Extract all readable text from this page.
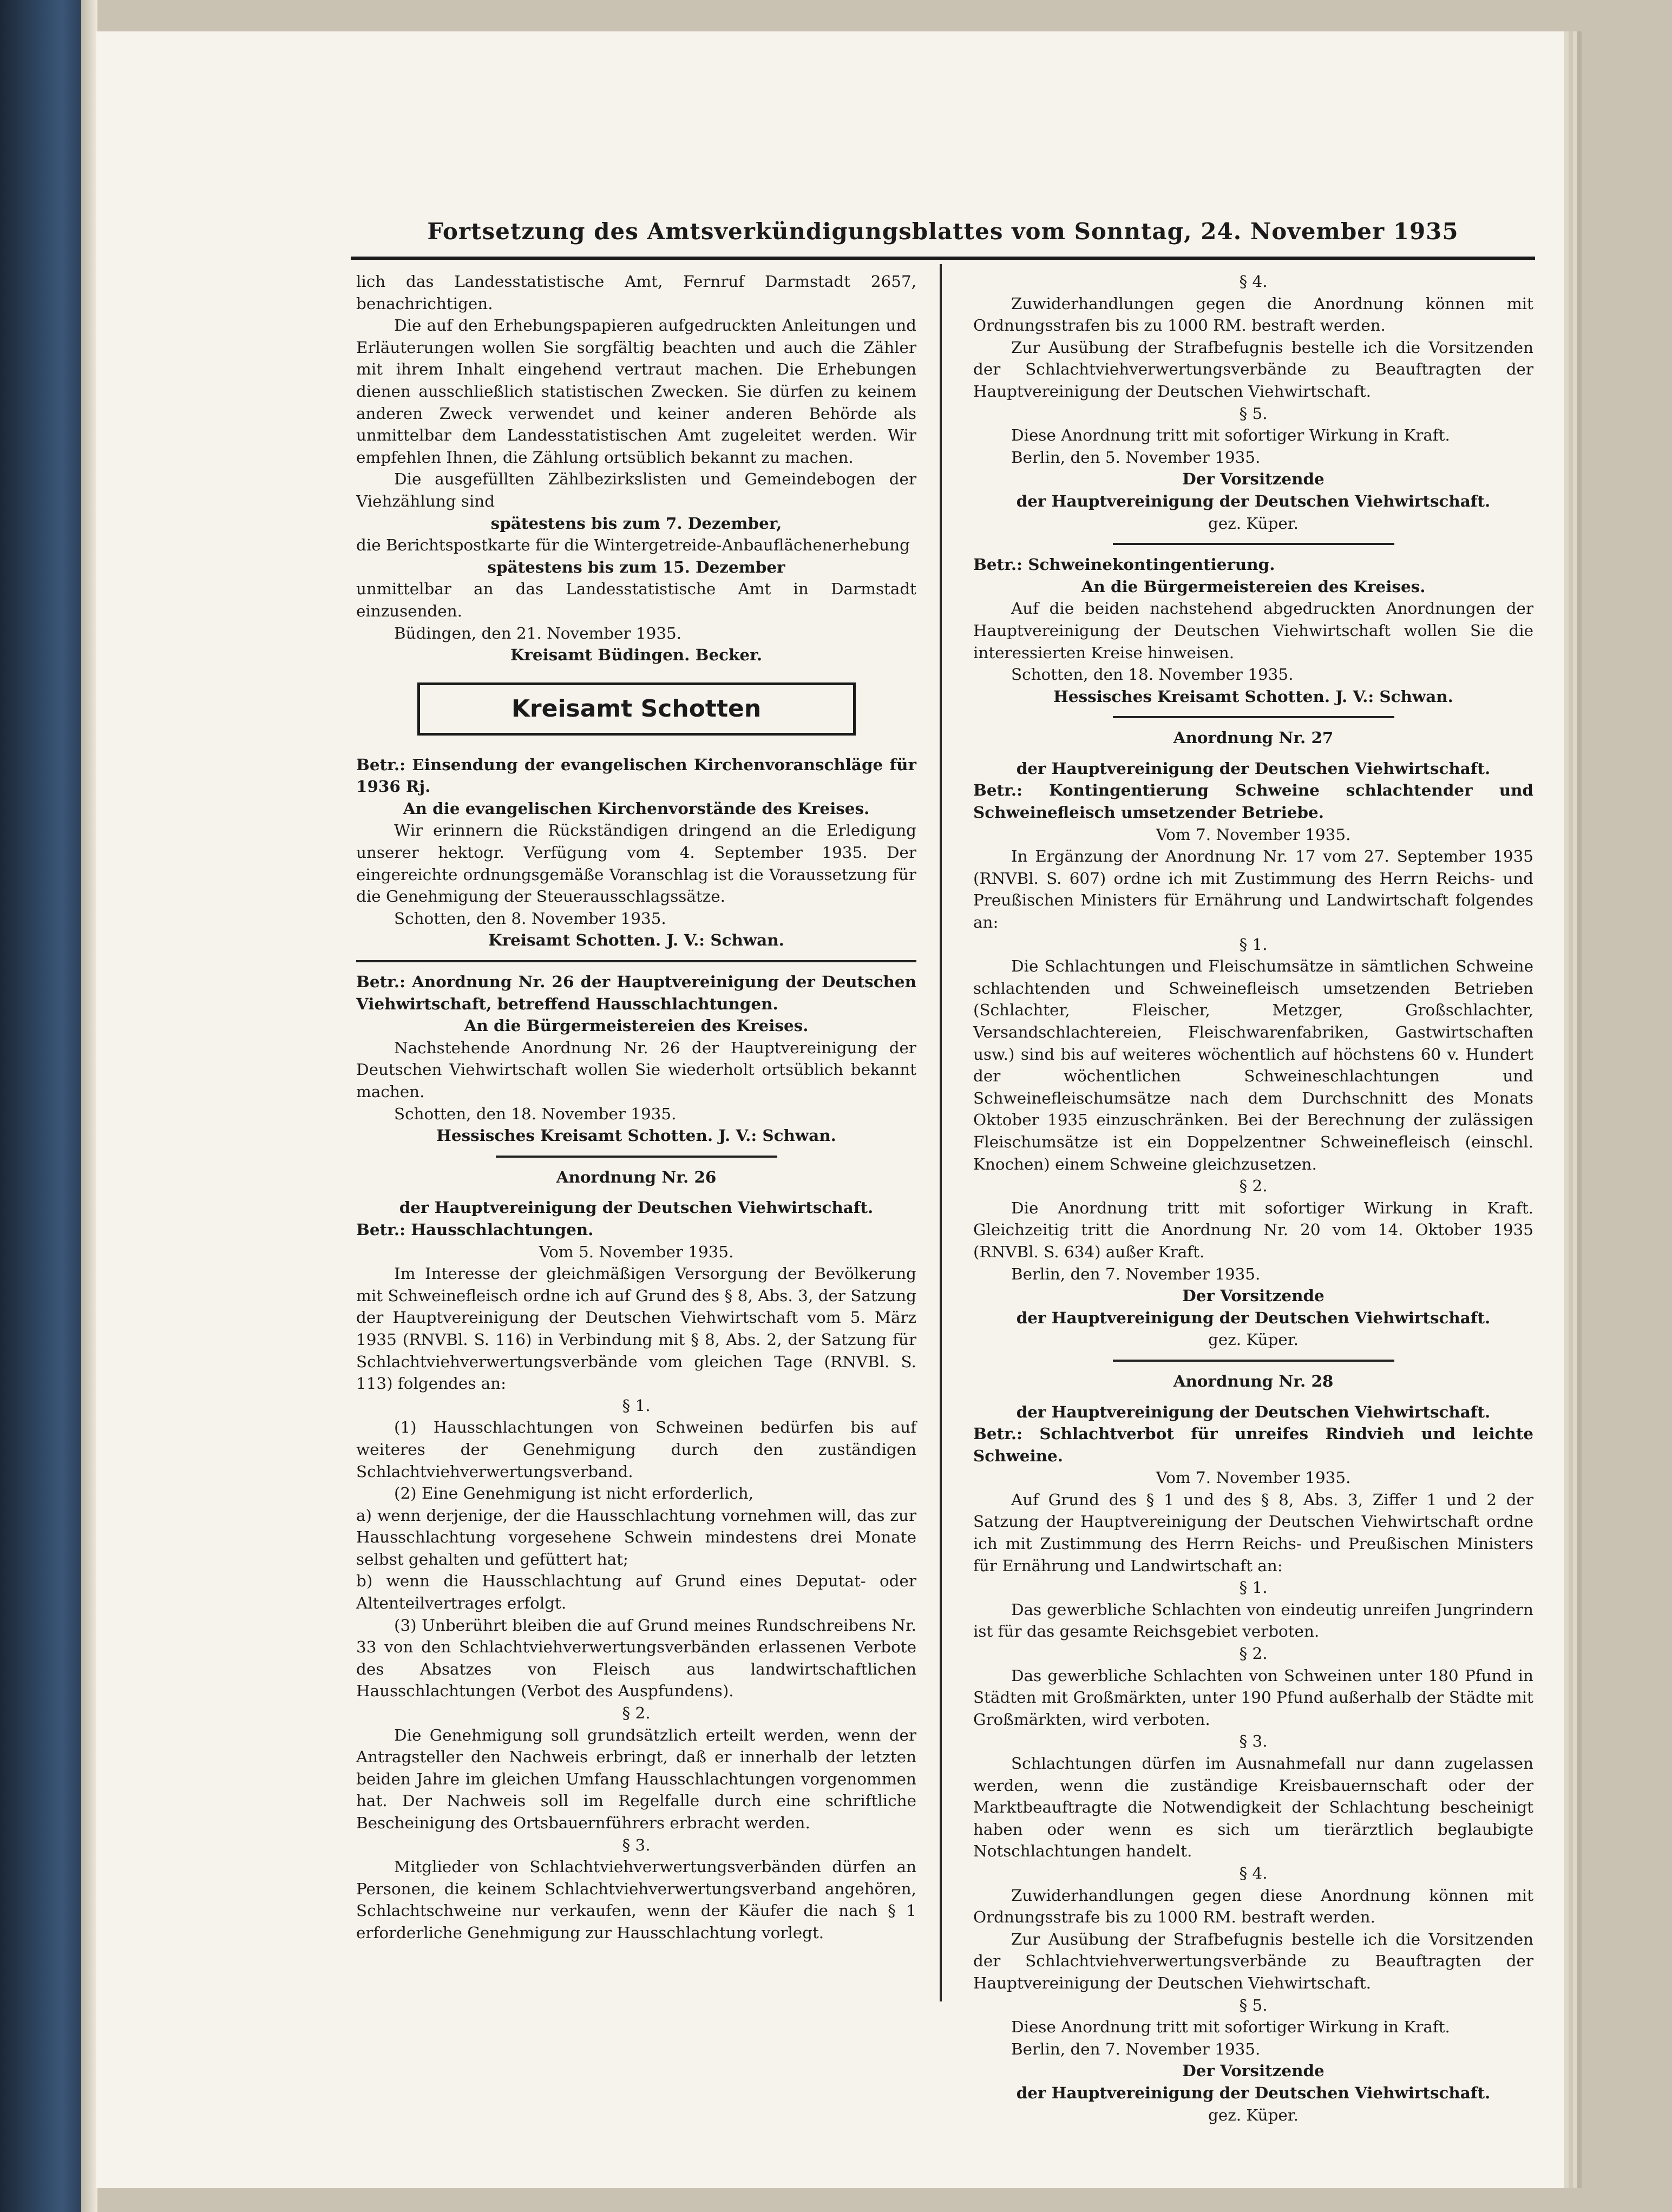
Fortsetzung des Amtsverkündigungsblattes vom Sonntag, 24. November 1935

lich das Landesstatistische Amt, Fernruf Darmstadt 2657, benachrichtigen.

Die auf den Erhebungspapieren aufgedruckten Anleitungen und Erläuterungen wollen Sie sorgfältig beachten und auch die Zähler mit ihrem Inhalt eingehend vertraut machen. Die Erhebungen dienen ausschließlich statistischen Zwecken. Sie dürfen zu keinem anderen Zweck verwendet und keiner anderen Behörde als unmittelbar dem Landesstatistischen Amt zugeleitet werden. Wir empfehlen Ihnen, die Zählung ortsüblich bekannt zu machen.

Die ausgefüllten Zählbezirkslisten und Gemeindebogen der Viehzählung sind

spätestens bis zum 7. Dezember,

die Berichtspostkarte für die Wintergetreide-Anbauflächenerhebung

spätestens bis zum 15. Dezember

unmittelbar an das Landesstatistische Amt in Darmstadt einzusenden.

Büdingen, den 21. November 1935.

Kreisamt Büdingen. Becker.

Kreisamt Schotten

Betr.: Einsendung der evangelischen Kirchenvoranschläge für 1936 Rj.

An die evangelischen Kirchenvorstände des Kreises.

Wir erinnern die Rückständigen dringend an die Erledigung unserer hektogr. Verfügung vom 4. September 1935. Der eingereichte ordnungsgemäße Voranschlag ist die Voraussetzung für die Genehmigung der Steuerausschlagssätze.

Schotten, den 8. November 1935.

Kreisamt Schotten. J. V.: Schwan.

Betr.: Anordnung Nr. 26 der Hauptvereinigung der Deutschen Viehwirtschaft, betreffend Hausschlachtungen.

An die Bürgermeistereien des Kreises.

Nachstehende Anordnung Nr. 26 der Hauptvereinigung der Deutschen Viehwirtschaft wollen Sie wiederholt ortsüblich bekannt machen.

Schotten, den 18. November 1935.

Hessisches Kreisamt Schotten. J. V.: Schwan.

Anordnung Nr. 26

der Hauptvereinigung der Deutschen Viehwirtschaft.

Betr.: Hausschlachtungen.

Vom 5. November 1935.

Im Interesse der gleichmäßigen Versorgung der Bevölkerung mit Schweinefleisch ordne ich auf Grund des § 8, Abs. 3, der Satzung der Hauptvereinigung der Deutschen Viehwirtschaft vom 5. März 1935 (RNVBl. S. 116) in Verbindung mit § 8, Abs. 2, der Satzung für Schlachtviehverwertungsverbände vom gleichen Tage (RNVBl. S. 113) folgendes an:

§ 1.

(1) Hausschlachtungen von Schweinen bedürfen bis auf weiteres der Genehmigung durch den zuständigen Schlachtviehverwertungsverband.

(2) Eine Genehmigung ist nicht erforderlich,

a) wenn derjenige, der die Hausschlachtung vornehmen will, das zur Hausschlachtung vorgesehene Schwein mindestens drei Monate selbst gehalten und gefüttert hat;

b) wenn die Hausschlachtung auf Grund eines Deputat- oder Altenteilvertrages erfolgt.

(3) Unberührt bleiben die auf Grund meines Rundschreibens Nr. 33 von den Schlachtviehverwertungsverbänden erlassenen Verbote des Absatzes von Fleisch aus landwirtschaftlichen Hausschlachtungen (Verbot des Auspfundens).

§ 2.

Die Genehmigung soll grundsätzlich erteilt werden, wenn der Antragsteller den Nachweis erbringt, daß er innerhalb der letzten beiden Jahre im gleichen Umfang Hausschlachtungen vorgenommen hat. Der Nachweis soll im Regelfalle durch eine schriftliche Bescheinigung des Ortsbauernführers erbracht werden.

§ 3.

Mitglieder von Schlachtviehverwertungsverbänden dürfen an Personen, die keinem Schlachtviehverwertungsverband angehören, Schlachtschweine nur verkaufen, wenn der Käufer die nach § 1 erforderliche Genehmigung zur Hausschlachtung vorlegt.

§ 4.

Zuwiderhandlungen gegen die Anordnung können mit Ordnungsstrafen bis zu 1000 RM. bestraft werden.

Zur Ausübung der Strafbefugnis bestelle ich die Vorsitzenden der Schlachtviehverwertungsverbände zu Beauftragten der Hauptvereinigung der Deutschen Viehwirtschaft.

§ 5.

Diese Anordnung tritt mit sofortiger Wirkung in Kraft.

Berlin, den 5. November 1935.

Der Vorsitzende

der Hauptvereinigung der Deutschen Viehwirtschaft.

gez. Küper.

Betr.: Schweinekontingentierung.

An die Bürgermeistereien des Kreises.

Auf die beiden nachstehend abgedruckten Anordnungen der Hauptvereinigung der Deutschen Viehwirtschaft wollen Sie die interessierten Kreise hinweisen.

Schotten, den 18. November 1935.

Hessisches Kreisamt Schotten. J. V.: Schwan.

Anordnung Nr. 27

der Hauptvereinigung der Deutschen Viehwirtschaft.

Betr.: Kontingentierung Schweine schlachtender und Schweinefleisch umsetzender Betriebe.

Vom 7. November 1935.

In Ergänzung der Anordnung Nr. 17 vom 27. September 1935 (RNVBl. S. 607) ordne ich mit Zustimmung des Herrn Reichs- und Preußischen Ministers für Ernährung und Landwirtschaft folgendes an:

§ 1.

Die Schlachtungen und Fleischumsätze in sämtlichen Schweine schlachtenden und Schweinefleisch umsetzenden Betrieben (Schlachter, Fleischer, Metzger, Großschlachter, Versandschlachtereien, Fleischwarenfabriken, Gastwirtschaften usw.) sind bis auf weiteres wöchentlich auf höchstens 60 v. Hundert der wöchentlichen Schweineschlachtungen und Schweinefleischumsätze nach dem Durchschnitt des Monats Oktober 1935 einzuschränken. Bei der Berechnung der zulässigen Fleischumsätze ist ein Doppelzentner Schweinefleisch (einschl. Knochen) einem Schweine gleichzusetzen.

§ 2.

Die Anordnung tritt mit sofortiger Wirkung in Kraft. Gleichzeitig tritt die Anordnung Nr. 20 vom 14. Oktober 1935 (RNVBl. S. 634) außer Kraft.

Berlin, den 7. November 1935.

Der Vorsitzende

der Hauptvereinigung der Deutschen Viehwirtschaft.

gez. Küper.

Anordnung Nr. 28

der Hauptvereinigung der Deutschen Viehwirtschaft.

Betr.: Schlachtverbot für unreifes Rindvieh und leichte Schweine.

Vom 7. November 1935.

Auf Grund des § 1 und des § 8, Abs. 3, Ziffer 1 und 2 der Satzung der Hauptvereinigung der Deutschen Viehwirtschaft ordne ich mit Zustimmung des Herrn Reichs- und Preußischen Ministers für Ernährung und Landwirtschaft an:

§ 1.

Das gewerbliche Schlachten von eindeutig unreifen Jungrindern ist für das gesamte Reichsgebiet verboten.

§ 2.

Das gewerbliche Schlachten von Schweinen unter 180 Pfund in Städten mit Großmärkten, unter 190 Pfund außerhalb der Städte mit Großmärkten, wird verboten.

§ 3.

Schlachtungen dürfen im Ausnahmefall nur dann zugelassen werden, wenn die zuständige Kreisbauernschaft oder der Marktbeauftragte die Notwendigkeit der Schlachtung bescheinigt haben oder wenn es sich um tierärztlich beglaubigte Notschlachtungen handelt.

§ 4.

Zuwiderhandlungen gegen diese Anordnung können mit Ordnungsstrafe bis zu 1000 RM. bestraft werden.

Zur Ausübung der Strafbefugnis bestelle ich die Vorsitzenden der Schlachtviehverwertungsverbände zu Beauftragten der Hauptvereinigung der Deutschen Viehwirtschaft.

§ 5.

Diese Anordnung tritt mit sofortiger Wirkung in Kraft.

Berlin, den 7. November 1935.

Der Vorsitzende

der Hauptvereinigung der Deutschen Viehwirtschaft.

gez. Küper.
